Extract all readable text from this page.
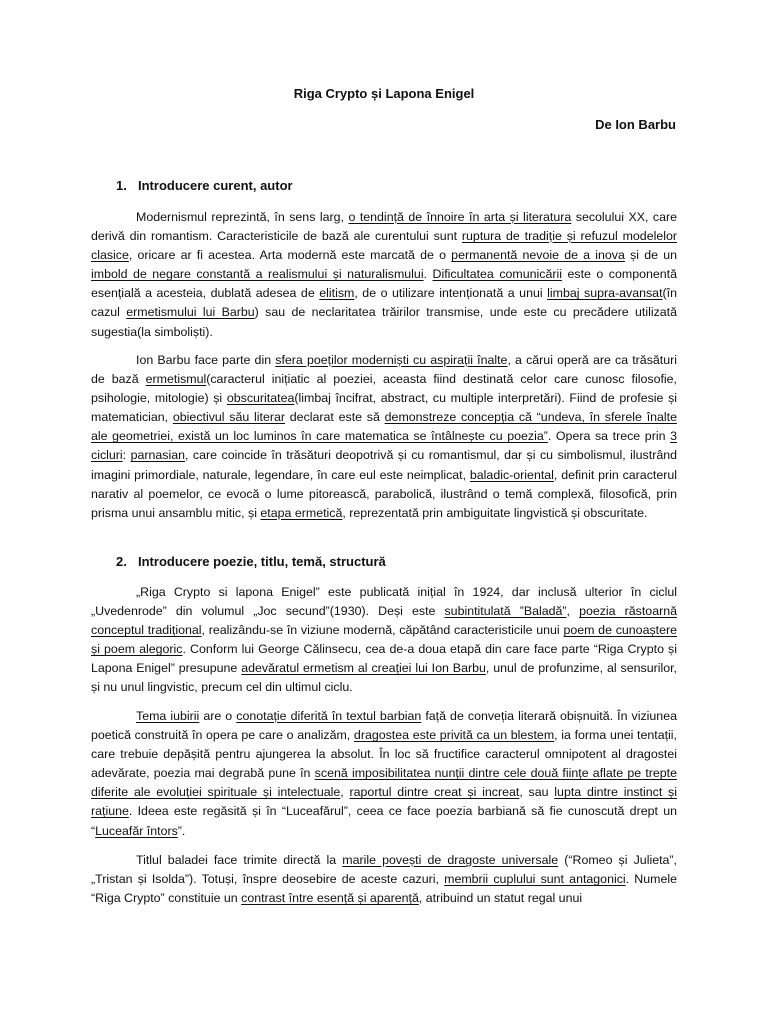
Riga Crypto și Lapona Enigel
De Ion Barbu
1. Introducere curent, autor
Modernismul reprezintă, în sens larg, o tendință de înnoire în arta și literatura secolului XX, care derivă din romantism. Caracteristicile de bază ale curentului sunt ruptura de tradiție și refuzul modelelor clasice, oricare ar fi acestea. Arta modernă este marcată de o permanentă nevoie de a inova și de un imbold de negare constantă a realismului și naturalismului. Dificultatea comunicării este o componentă esențială a acesteia, dublată adesea de elitism, de o utilizare intenționată a unui limbaj supra-avansat(în cazul ermetismului lui Barbu) sau de neclaritatea trăirilor transmise, unde este cu precădere utilizată sugestia(la simboliști).
Ion Barbu face parte din sfera poeților moderniști cu aspirații înalte, a cărui operă are ca trăsături de bază ermetismul(caracterul inițiatic al poeziei, aceasta fiind destinată celor care cunosc filosofie, psihologie, mitologie) și obscuritatea(limbaj încifrat, abstract, cu multiple interpretări). Fiind de profesie și matematician, obiectivul său literar declarat este să demonstreze concepția că “undeva, în sferele înalte ale geometriei, există un loc luminos în care matematica se întâlnește cu poezia”. Opera sa trece prin 3 cicluri: parnasian, care coincide în trăsături deopotrivă și cu romantismul, dar și cu simbolismul, ilustrând imagini primordiale, naturale, legendare, în care eul este neimplicat, baladic-oriental, definit prin caracterul narativ al poemelor, ce evocă o lume pitorească, parabolică, ilustrând o temă complexă, filosofică, prin prisma unui ansamblu mitic, și etapa ermetică, reprezentată prin ambiguitate lingvistică și obscuritate.
2. Introducere poezie, titlu, temă, structură
„Riga Crypto si lapona Enigel” este publicată inițial în 1924, dar inclusă ulterior în ciclul „Uvedenrode” din volumul „Joc secund”(1930). Deși este subintitulată ”Baladă”, poezia răstoarnă conceptul tradițional, realizându-se în viziune modernă, căpătând caracteristicile unui poem de cunoaștere și poem alegoric. Conform lui George Călinsecu, cea de-a doua etapă din care face parte “Riga Crypto și Lapona Enigel” presupune adevăratul ermetism al creației lui Ion Barbu, unul de profunzime, al sensurilor, și nu unul lingvistic, precum cel din ultimul ciclu.
Tema iubirii are o conotație diferită în textul barbian față de conveția literară obișnuită. În viziunea poetică construită în opera pe care o analizăm, dragostea este privită ca un blestem, ia forma unei tentații, care trebuie depășită pentru ajungerea la absolut. În loc să fructifice caracterul omnipotent al dragostei adevărate, poezia mai degrabă pune în scenă imposibilitatea nunții dintre cele două ființe aflate pe trepte diferite ale evoluției spirituale și intelectuale, raportul dintre creat și increat, sau lupta dintre instinct și rațiune. Ideea este regăsită și în “Luceafărul”, ceea ce face poezia barbiană să fie cunoscută drept un “Luceafăr întors”.
Titlul baladei face trimite directă la marile povești de dragoste universale (“Romeo și Julieta”, „Tristan și Isolda”). Totuși, înspre deosebire de aceste cazuri, membrii cuplului sunt antagonici. Numele “Riga Crypto” constituie un contrast între esență și aparență, atribuind un statut regal unui
